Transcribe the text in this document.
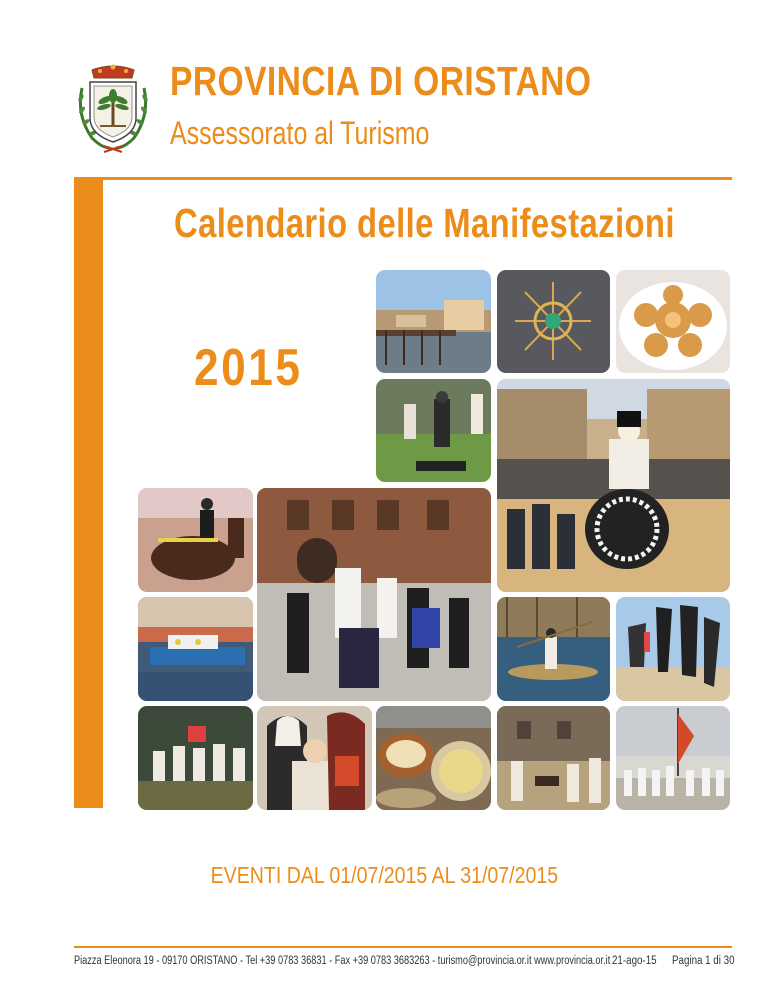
PROVINCIA DI ORISTANO
Assessorato al Turismo
Calendario delle Manifestazioni
2015
EVENTI DAL 01/07/2015 AL 31/07/2015
Piazza Eleonora 19 - 09170 ORISTANO - Tel +39 0783 36831 - Fax +39 0783 3683263 - turismo@provincia.or.it www.provincia.or.it 21-ago-15 Pagina 1 di 30
